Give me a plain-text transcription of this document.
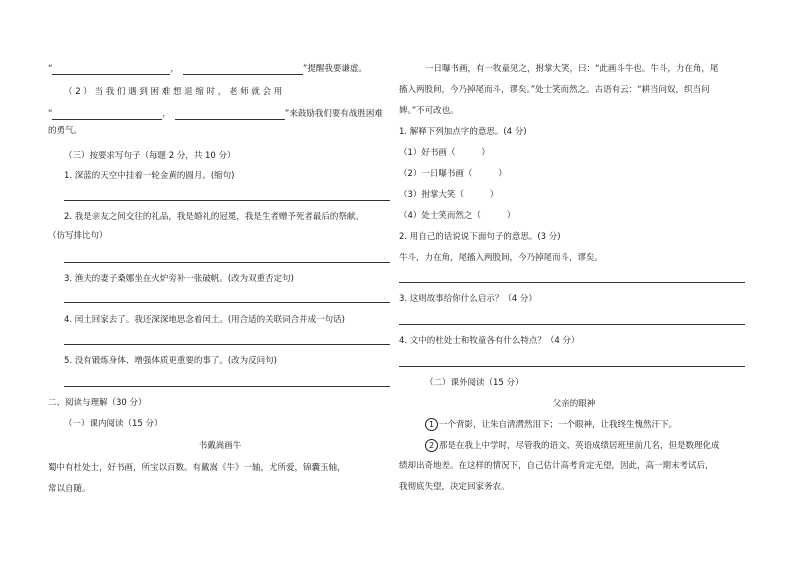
“	，	”提醒我要谦虚。
（ 2 ） 当 我 们 遇 到 困 难 想 退 缩 时 ， 老 师 就 会 用
“	，	”来鼓励我们要有战胜困难
的勇气。
（三）按要求写句子（每题 2 分，共 10 分）
1. 深蓝的天空中挂着一轮金黄的圆月。(缩句)
2. 我是亲友之间交往的礼品，我是婚礼的冠冕，我是生者赠予死者最后的祭献。
（仿写排比句）
3. 渔夫的妻子桑娜坐在火炉旁补一张破帆。(改为双重否定句)
4. 闰土回家去了。我还深深地思念着闰土。(用合适的关联词合并成一句话)
5. 没有锻炼身体、增强体质更重要的事了。(改为反问句)
二、阅读与理解（30 分）
（一）课内阅读（15 分）
书戴嵩画牛
蜀中有杜处士，好书画，所宝以百数。有戴嵩《牛》一轴，尤所爱，锦囊玉轴，
常以自随。
一日曝书画，有一牧童见之，拊掌大笑，曰：“此画斗牛也。牛斗，力在角，尾
搐入两股间，今乃掉尾而斗，谬矣。”处士笑而然之。古语有云：“耕当问奴，织当问
婢。”不可改也。
1. 解释下列加点字的意思。(4 分)
（1）好书画（	）
（2）一日曝书画（	）
（3）拊掌大笑（	）
（4）处士笑而然之（	）
2. 用自己的话说说下面句子的意思。(3 分)
牛斗，力在角，尾搐入两股间，今乃掉尾而斗，谬矣。
3. 这则故事给你什么启示？（4 分）
4. 文中的杜处士和牧童各有什么特点？（4 分）
（二）课外阅读（15 分）
父亲的眼神
1 一个背影，让朱自清潸然泪下；一个眼神，让我终生愧然汗下。
2 那是在我上中学时，尽管我的语文、英语成绩居班里前几名，但是数理化成
绩却出奇地差。在这样的情况下，自己估计高考肯定无望，因此，高一期末考试后，
我彻底失望，决定回家务农。
